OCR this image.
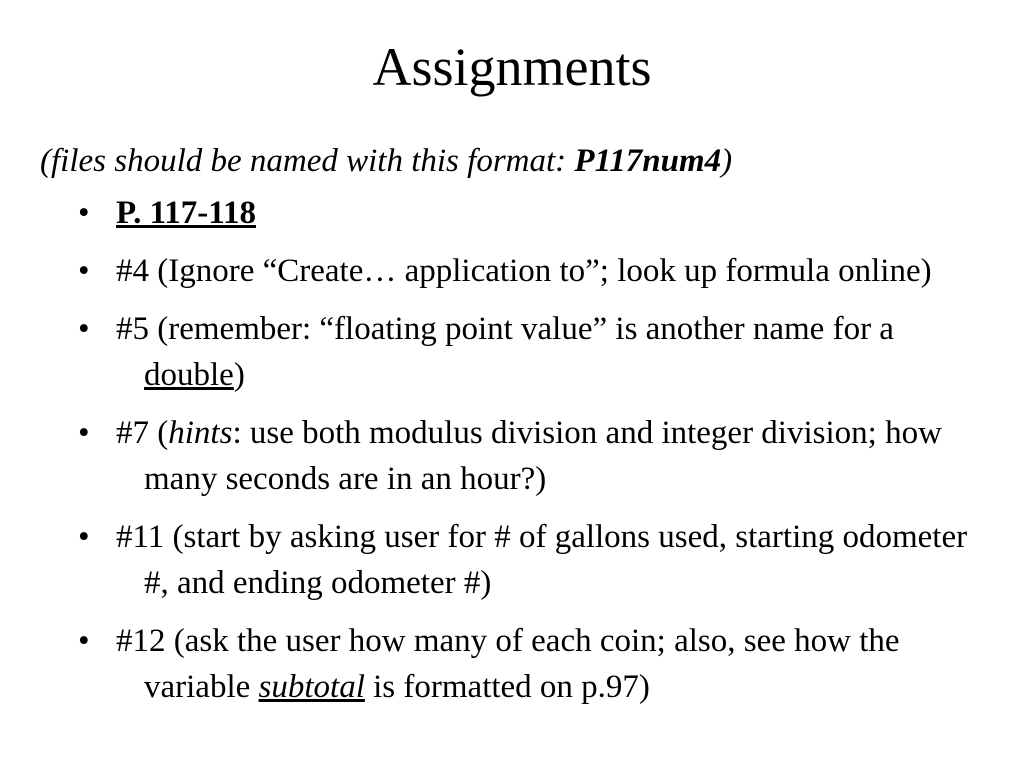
Assignments
(files should be named with this format: P117num4)
• P. 117-118
• #4 (Ignore “Create… application to”; look up formula online)
• #5 (remember: “floating point value” is another name for a double)
• #7 (hints: use both modulus division and integer division; how many seconds are in an hour?)
• #11 (start by asking user for # of gallons used, starting odometer #, and ending odometer #)
• #12 (ask the user how many of each coin; also, see how the variable subtotal is formatted on p.97)
